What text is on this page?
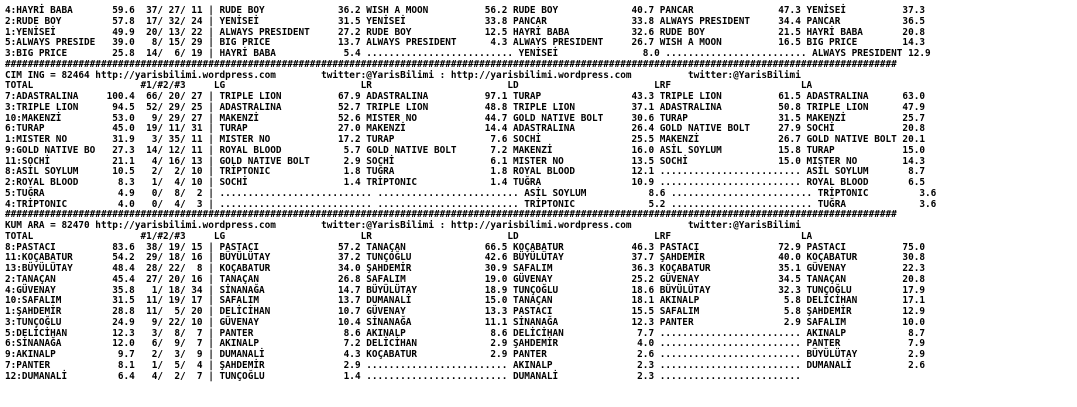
4:HAYRİ BABA       59.6  37/ 27/ 11 | RUDE BOY             36.2 WISH A MOON          56.2 RUDE BOY             40.7 PANCAR               47.3 YENİSEİ          37.3
2:RUDE BOY         57.8  17/ 32/ 24 | YENİSEİ              31.5 YENİSEİ              33.8 PANCAR               33.8 ALWAYS PRESIDENT     34.4 PANCAR           36.5
1:YENİSEİ          49.9  20/ 13/ 22 | ALWAYS PRESIDENT     27.2 RUDE BOY             12.5 HAYRİ BABA           32.6 RUDE BOY             21.5 HAYRİ BABA       20.8
5:ALWAYS PRESIDE   39.0   8/ 15/ 29 | BIG PRICE            13.7 ALWAYS PRESIDENT      4.3 ALWAYS PRESIDENT     26.7 WISH A MOON          16.5 BIG PRICE        14.3
3:BIG PRICE        25.8  14/  6/ 19 | HAYRİ BABA            5.4 .......................... YENİSEİ               8.0 ......................... ALWAYS PRESIDENT 12.9
##############################################################################################################################################################
CIM ING = 82464 http://yarisbilimi.wordpress.com        twitter:@YarisBilimi : http://yarisbilimi.wordpress.com          twitter:@YarisBilimi
TOTAL                   #1/#2/#3     LG                        LR                        LD                        LRF                       LA
7:ADASTRALINA     100.4  66/ 20/ 27 | TRIPLE LION          67.9 ADASTRALINA          97.1 TURAP                43.3 TRIPLE LION          61.5 ADASTRALINA      63.0
3:TRIPLE LION      94.5  52/ 29/ 25 | ADASTRALINA          52.7 TRIPLE LION          48.8 TRIPLE LION          37.1 ADASTRALINA          50.8 TRIPLE LION      47.9
10:MAKENZİ         53.0   9/ 29/ 27 | MAKENZİ              52.6 MISTER NO            44.7 GOLD NATIVE BOLT     30.6 TURAP                31.5 MAKENZİ          25.7
6:TURAP            45.0  19/ 11/ 31 | TURAP                27.0 MAKENZİ              14.4 ADASTRALINA          26.4 GOLD NATIVE BOLT     27.9 SOCHİ            20.8
1:MISTER NO        31.9   3/ 35/ 11 | MISTER NO            17.2 TURAP                 7.6 SOCHİ                25.5 MAKENZİ              26.7 GOLD NATIVE BOLT 20.1
9:GOLD NATIVE BO   27.3  14/ 12/ 11 | ROYAL BLOOD           5.7 GOLD NATIVE BOLT      7.2 MAKENZİ              16.0 ASİL SOYLUM          15.8 TURAP            15.0
11:SOCHİ           21.1   4/ 16/ 13 | GOLD NATIVE BOLT      2.9 SOCHİ                 6.1 MISTER NO            13.5 SOCHİ                15.0 MISTER NO        14.3
8:ASİL SOYLUM      10.5   2/  2/ 10 | TRİPTONIC             1.8 TUĞRA                 1.8 ROYAL BLOOD          12.1 ......................... ASİL SOYLUM       8.7
2:ROYAL BLOOD       8.3   1/  4/ 10 | SOCHİ                 1.4 TRİPTONIC             1.4 TUĞRA                10.9 ......................... ROYAL BLOOD       6.5
5:TUĞRA             4.9   0/  8/  2 | ........................... ......................... ASİL SOYLUM           8.6 ......................... TRİPTONIC         3.6
4:TRİPTONIC         4.0   0/  4/  3 | ........................... ......................... TRİPTONIC             5.2 ......................... TUĞRA             3.6
##############################################################################################################################################################
KUM ARA = 82470 http://yarisbilimi.wordpress.com        twitter:@YarisBilimi : http://yarisbilimi.wordpress.com          twitter:@YarisBilimi
TOTAL                   #1/#2/#3     LG                        LR                        LD                        LRF                       LA
8:PASTACI          83.6  38/ 19/ 15 | PASTACI              57.2 TANAÇAN              66.5 KOÇABATUR            46.3 PASTACI              72.9 PASTACI          75.0
11:KOÇABATUR       54.2  29/ 18/ 16 | BÜYÜLÜTAY            37.2 TUNÇOĞLU             42.6 BÜYÜLÜTAY            37.7 ŞAHDEMİR             40.0 KOÇABATUR        30.8
13:BÜYÜLÜTAY       48.4  28/ 22/  8 | KOÇABATUR            34.0 ŞAHDEMİR             30.9 SAFALIM              36.3 KOÇABATUR            35.1 GÜVENAY          22.3
2:TANAÇAN          45.4  27/ 20/ 16 | TANAÇAN              26.8 SAFALIM              19.0 GÜVENAY              25.2 GÜVENAY              34.5 TANAÇAN          20.8
4:GÜVENAY          35.8   1/ 18/ 34 | SİNANAĞA             14.7 BÜYÜLÜTAY            18.9 TUNÇOĞLU             18.6 BÜYÜLÜTAY            32.3 TUNÇOĞLU         17.9
10:SAFALIM         31.5  11/ 19/ 17 | SAFALIM              13.7 DUMANALİ             15.0 TANAÇAN              18.1 AKINALP               5.8 DELİCİHAN        17.1
1:ŞAHDEMİR         28.8  11/  5/ 20 | DELİCİHAN            10.7 GÜVENAY              13.3 PASTACI              15.5 SAFALIM               5.8 ŞAHDEMİR         12.9
3:TUNÇOĞLU         24.9   9/ 22/ 10 | GÜVENAY              10.4 SİNANAĞA             11.1 SİNANAĞA             12.3 PANTER                2.9 SAFALIM          10.0
5:DELİCİHAN        12.3   3/  8/  7 | PANTER                8.6 AKINALP               8.6 DELİCİHAN             7.7 ......................... AKINALP           8.7
6:SİNANAĞA         12.0   6/  9/  7 | AKINALP               7.2 DELİCİHAN             2.9 ŞAHDEMİR              4.0 ......................... PANTER            7.9
9:AKINALP           9.7   2/  3/  9 | DUMANALİ              4.3 KOÇABATUR             2.9 PANTER                2.6 ......................... BÜYÜLÜTAY         2.9
7:PANTER            8.1   1/  5/  4 | ŞAHDEMİR              2.9 ......................... AKINALP               2.3 ......................... DUMANALİ          2.6
12:DUMANALİ         6.4   4/  2/  7 | TUNÇOĞLU              1.4 ......................... DUMANALİ              2.3 .........................
